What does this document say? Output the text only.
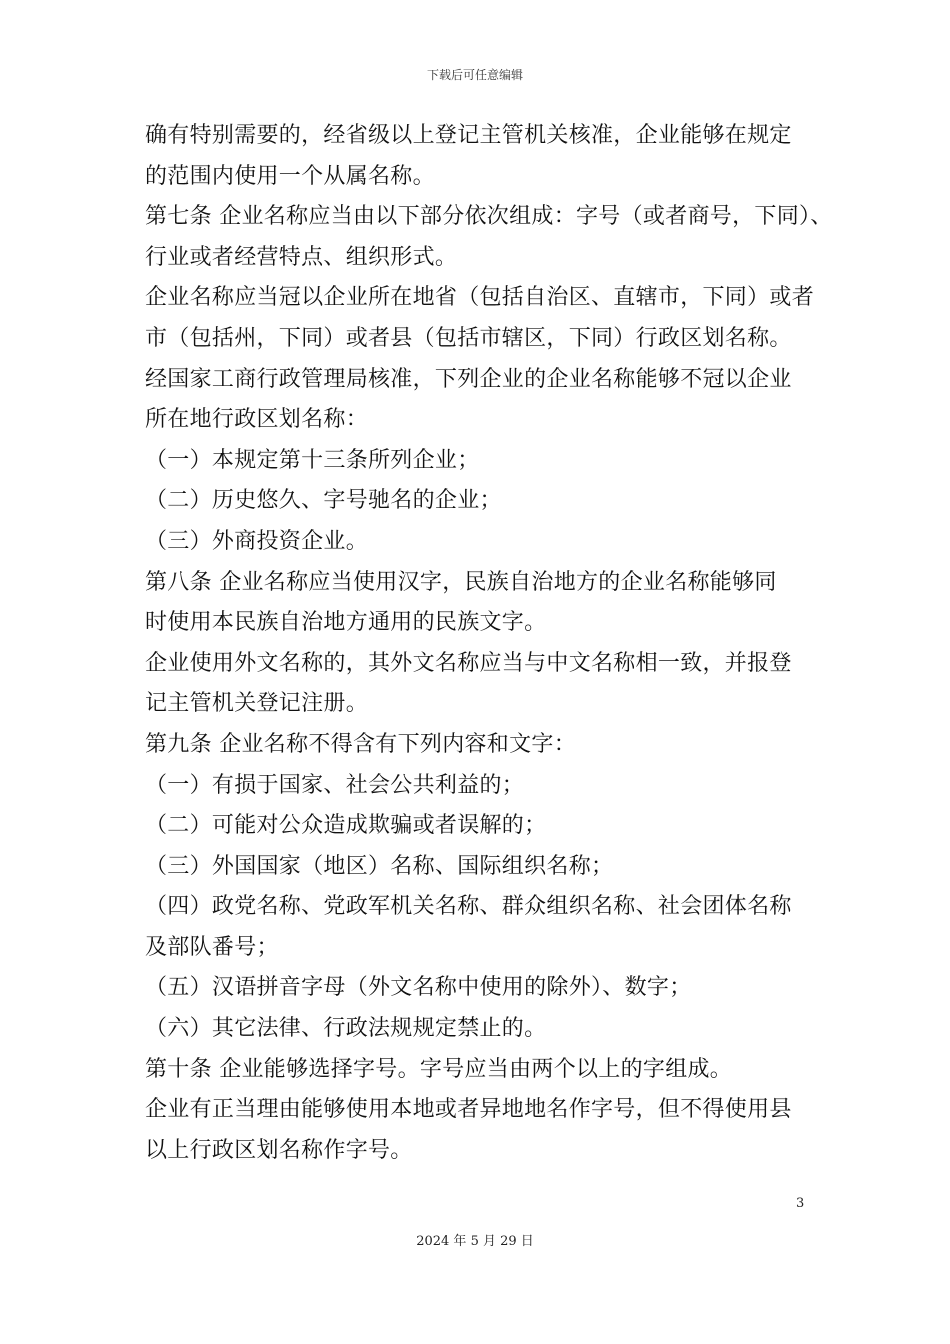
下载后可任意编辑
确有特别需要的，经省级以上登记主管机关核准，企业能够在规定
的范围内使用一个从属名称。
第七条 企业名称应当由以下部分依次组成：字号（或者商号，下同）、
行业或者经营特点、组织形式。
企业名称应当冠以企业所在地省（包括自治区、直辖市，下同）或者
市（包括州，下同）或者县（包括市辖区，下同）行政区划名称。
经国家工商行政管理局核准，下列企业的企业名称能够不冠以企业
所在地行政区划名称：
（一）本规定第十三条所列企业；
（二）历史悠久、字号驰名的企业；
（三）外商投资企业。
第八条 企业名称应当使用汉字，民族自治地方的企业名称能够同
时使用本民族自治地方通用的民族文字。
企业使用外文名称的，其外文名称应当与中文名称相一致，并报登
记主管机关登记注册。
第九条 企业名称不得含有下列内容和文字：
（一）有损于国家、社会公共利益的；
（二）可能对公众造成欺骗或者误解的；
（三）外国国家（地区）名称、国际组织名称；
（四）政党名称、党政军机关名称、群众组织名称、社会团体名称
及部队番号；
（五）汉语拼音字母（外文名称中使用的除外）、数字；
（六）其它法律、行政法规规定禁止的。
第十条 企业能够选择字号。字号应当由两个以上的字组成。
企业有正当理由能够使用本地或者异地地名作字号，但不得使用县
以上行政区划名称作字号。
3
2024 年 5 月 29 日
